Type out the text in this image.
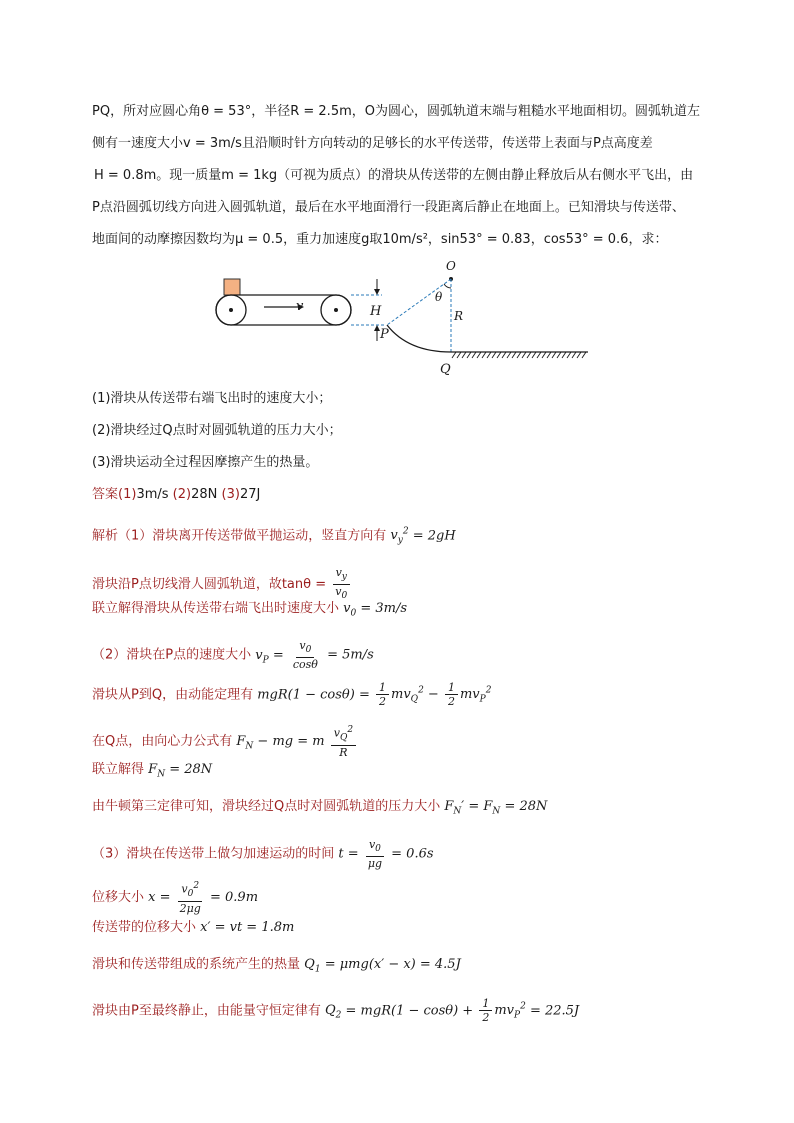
PQ，所对应圆心角θ = 53°，半径R = 2.5m，O为圆心，圆弧轨道末端与粗糙水平地面相切。圆弧轨道左
侧有一速度大小v = 3m/s且沿顺时针方向转动的足够长的水平传送带，传送带上表面与P点高度差
H = 0.8m。现一质量m = 1kg（可视为质点）的滑块从传送带的左侧由静止释放后从右侧水平飞出，由
P点沿圆弧切线方向进入圆弧轨道，最后在水平地面滑行一段距离后静止在地面上。已知滑块与传送带、
地面间的动摩擦因数均为μ = 0.5，重力加速度g取10m/s²，sin53° = 0.83，cos53° = 0.6，求：
v	H
O
θ
R
P
Q
(1)滑块从传送带右端飞出时的速度大小；
(2)滑块经过Q点时对圆弧轨道的压力大小；
(3)滑块运动全过程因摩擦产生的热量。
答案(1)3m/s (2)28N (3)27J
解析（1）滑块离开传送带做平抛运动，竖直方向有 $v_y^2 = 2gH$
滑块沿P点切线滑人圆弧轨道，故$\tan\theta = \frac{v_y}{v_0}$
联立解得滑块从传送带右端飞出时速度大小 $v_0 = 3m/s$
（2）滑块在P点的速度大小 $v_P = \frac{v_0}{\cos\theta} = 5m/s$
滑块从P到Q，由动能定理有 $mgR(1 - \cos\theta) = \frac{1}{2} mv_Q^2 - \frac{1}{2} mv_P^2$
在Q点，由向心力公式有 $F_N$ − mg = m $\frac{v_Q^2}{R}$
联立解得 $F_N = 28N$
由牛顿第三定律可知，滑块经过Q点时对圆弧轨道的压力大小 $F_N' = F_N = 28N$
（3）滑块在传送带上做匀加速运动的时间 $t = \frac{v_0}{\mu g} = 0.6s$
位移大小 $x = \frac{v_0^2}{2\mu g} = 0.9m$
传送带的位移大小 x′ = vt = 1.8m
滑块和传送带组成的系统产生的热量 $Q_1 = \mu mg(x' - x) = 4.5J$
滑块由P至最终静止，由能量守恒定律有 $Q_2 = mgR(1 - \cos\theta) + \frac{1}{2} mv_P^2 = 22.5J$
